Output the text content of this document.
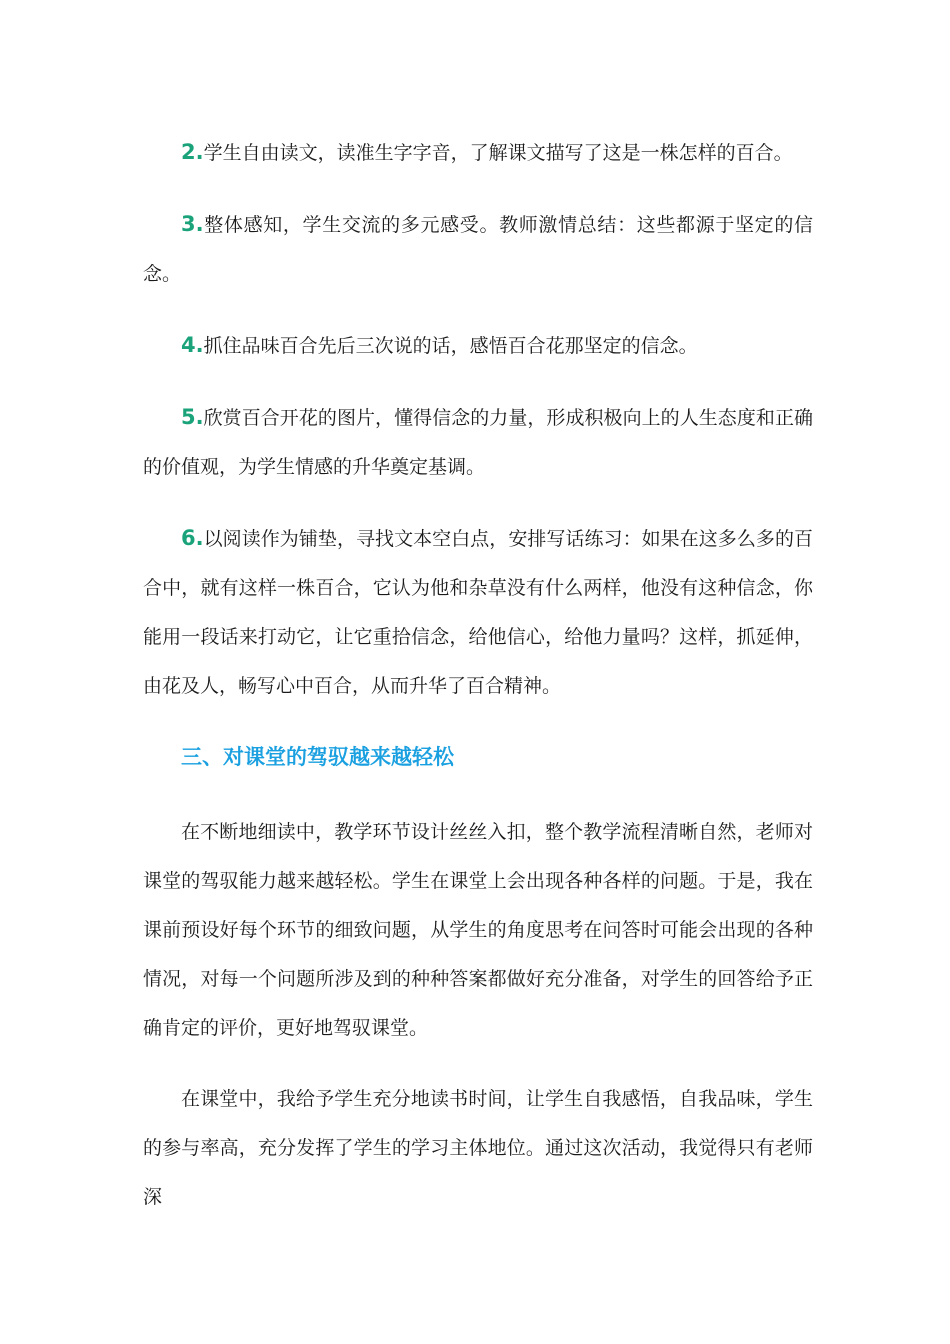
2.学生自由读文，读准生字字音，了解课文描写了这是一株怎样的百合。

3.整体感知，学生交流的多元感受。教师激情总结：这些都源于坚定的信念。

4.抓住品味百合先后三次说的话，感悟百合花那坚定的信念。

5.欣赏百合开花的图片，懂得信念的力量，形成积极向上的人生态度和正确的价值观，为学生情感的升华奠定基调。

6.以阅读作为铺垫，寻找文本空白点，安排写话练习：如果在这多么多的百合中，就有这样一株百合，它认为他和杂草没有什么两样，他没有这种信念，你能用一段话来打动它，让它重拾信念，给他信心，给他力量吗？这样，抓延伸，由花及人，畅写心中百合，从而升华了百合精神。

三、对课堂的驾驭越来越轻松

在不断地细读中，教学环节设计丝丝入扣，整个教学流程清晰自然，老师对课堂的驾驭能力越来越轻松。学生在课堂上会出现各种各样的问题。于是，我在课前预设好每个环节的细致问题，从学生的角度思考在问答时可能会出现的各种情况，对每一个问题所涉及到的种种答案都做好充分准备，对学生的回答给予正确肯定的评价，更好地驾驭课堂。

在课堂中，我给予学生充分地读书时间，让学生自我感悟，自我品味，学生的参与率高，充分发挥了学生的学习主体地位。通过这次活动，我觉得只有老师深
